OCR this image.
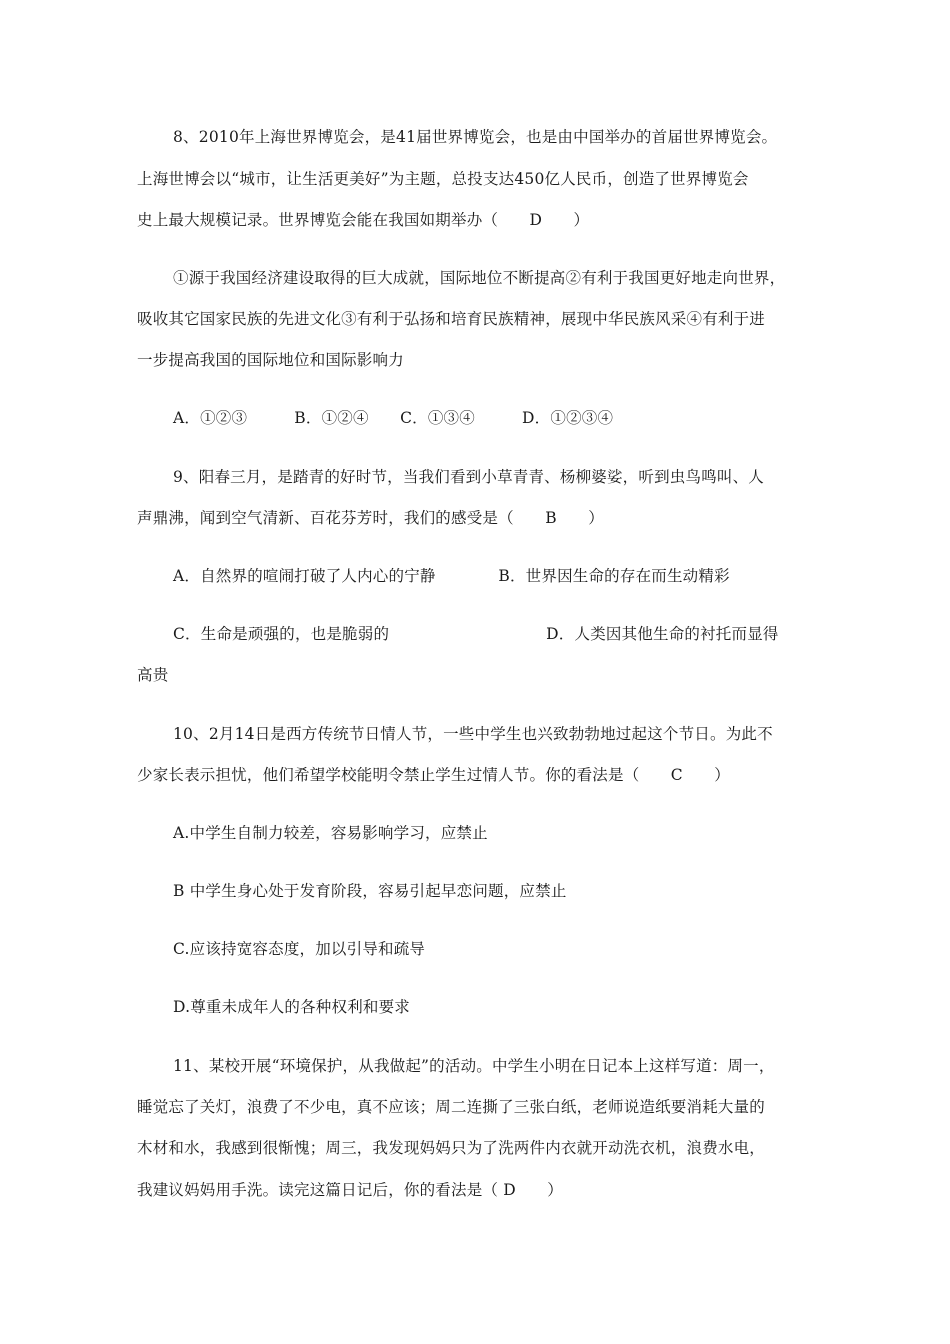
8、2010年上海世界博览会，是41届世界博览会，也是由中国举办的首届世界博览会。
上海世博会以“城市，让生活更美好”为主题，总投支达450亿人民币，创造了世界博览会
史上最大规模记录。世界博览会能在我国如期举办（　　D　　）
①源于我国经济建设取得的巨大成就，国际地位不断提高②有利于我国更好地走向世界，
吸收其它国家民族的先进文化③有利于弘扬和培育民族精神，展现中华民族风采④有利于进
一步提高我国的国际地位和国际影响力
A．①②③　　　B．①②④　　C．①③④　　　D．①②③④
9、阳春三月，是踏青的好时节，当我们看到小草青青、杨柳婆娑，听到虫鸟鸣叫、人
声鼎沸，闻到空气清新、百花芬芳时，我们的感受是（　　B　　）
A．自然界的喧闹打破了人内心的宁静　　　　B．世界因生命的存在而生动精彩
C．生命是顽强的，也是脆弱的　　　　　　　　　　D．人类因其他生命的衬托而显得
高贵
10、2月14日是西方传统节日情人节，一些中学生也兴致勃勃地过起这个节日。为此不
少家长表示担忧，他们希望学校能明令禁止学生过情人节。你的看法是（　　C　　）
A.中学生自制力较差，容易影响学习，应禁止
B 中学生身心处于发育阶段，容易引起早恋问题，应禁止
C.应该持宽容态度，加以引导和疏导
D.尊重未成年人的各种权利和要求
11、某校开展“环境保护，从我做起”的活动。中学生小明在日记本上这样写道：周一，
睡觉忘了关灯，浪费了不少电，真不应该；周二连撕了三张白纸，老师说造纸要消耗大量的
木材和水，我感到很惭愧；周三，我发现妈妈只为了洗两件内衣就开动洗衣机，浪费水电，
我建议妈妈用手洗。读完这篇日记后，你的看法是（ D　　）
